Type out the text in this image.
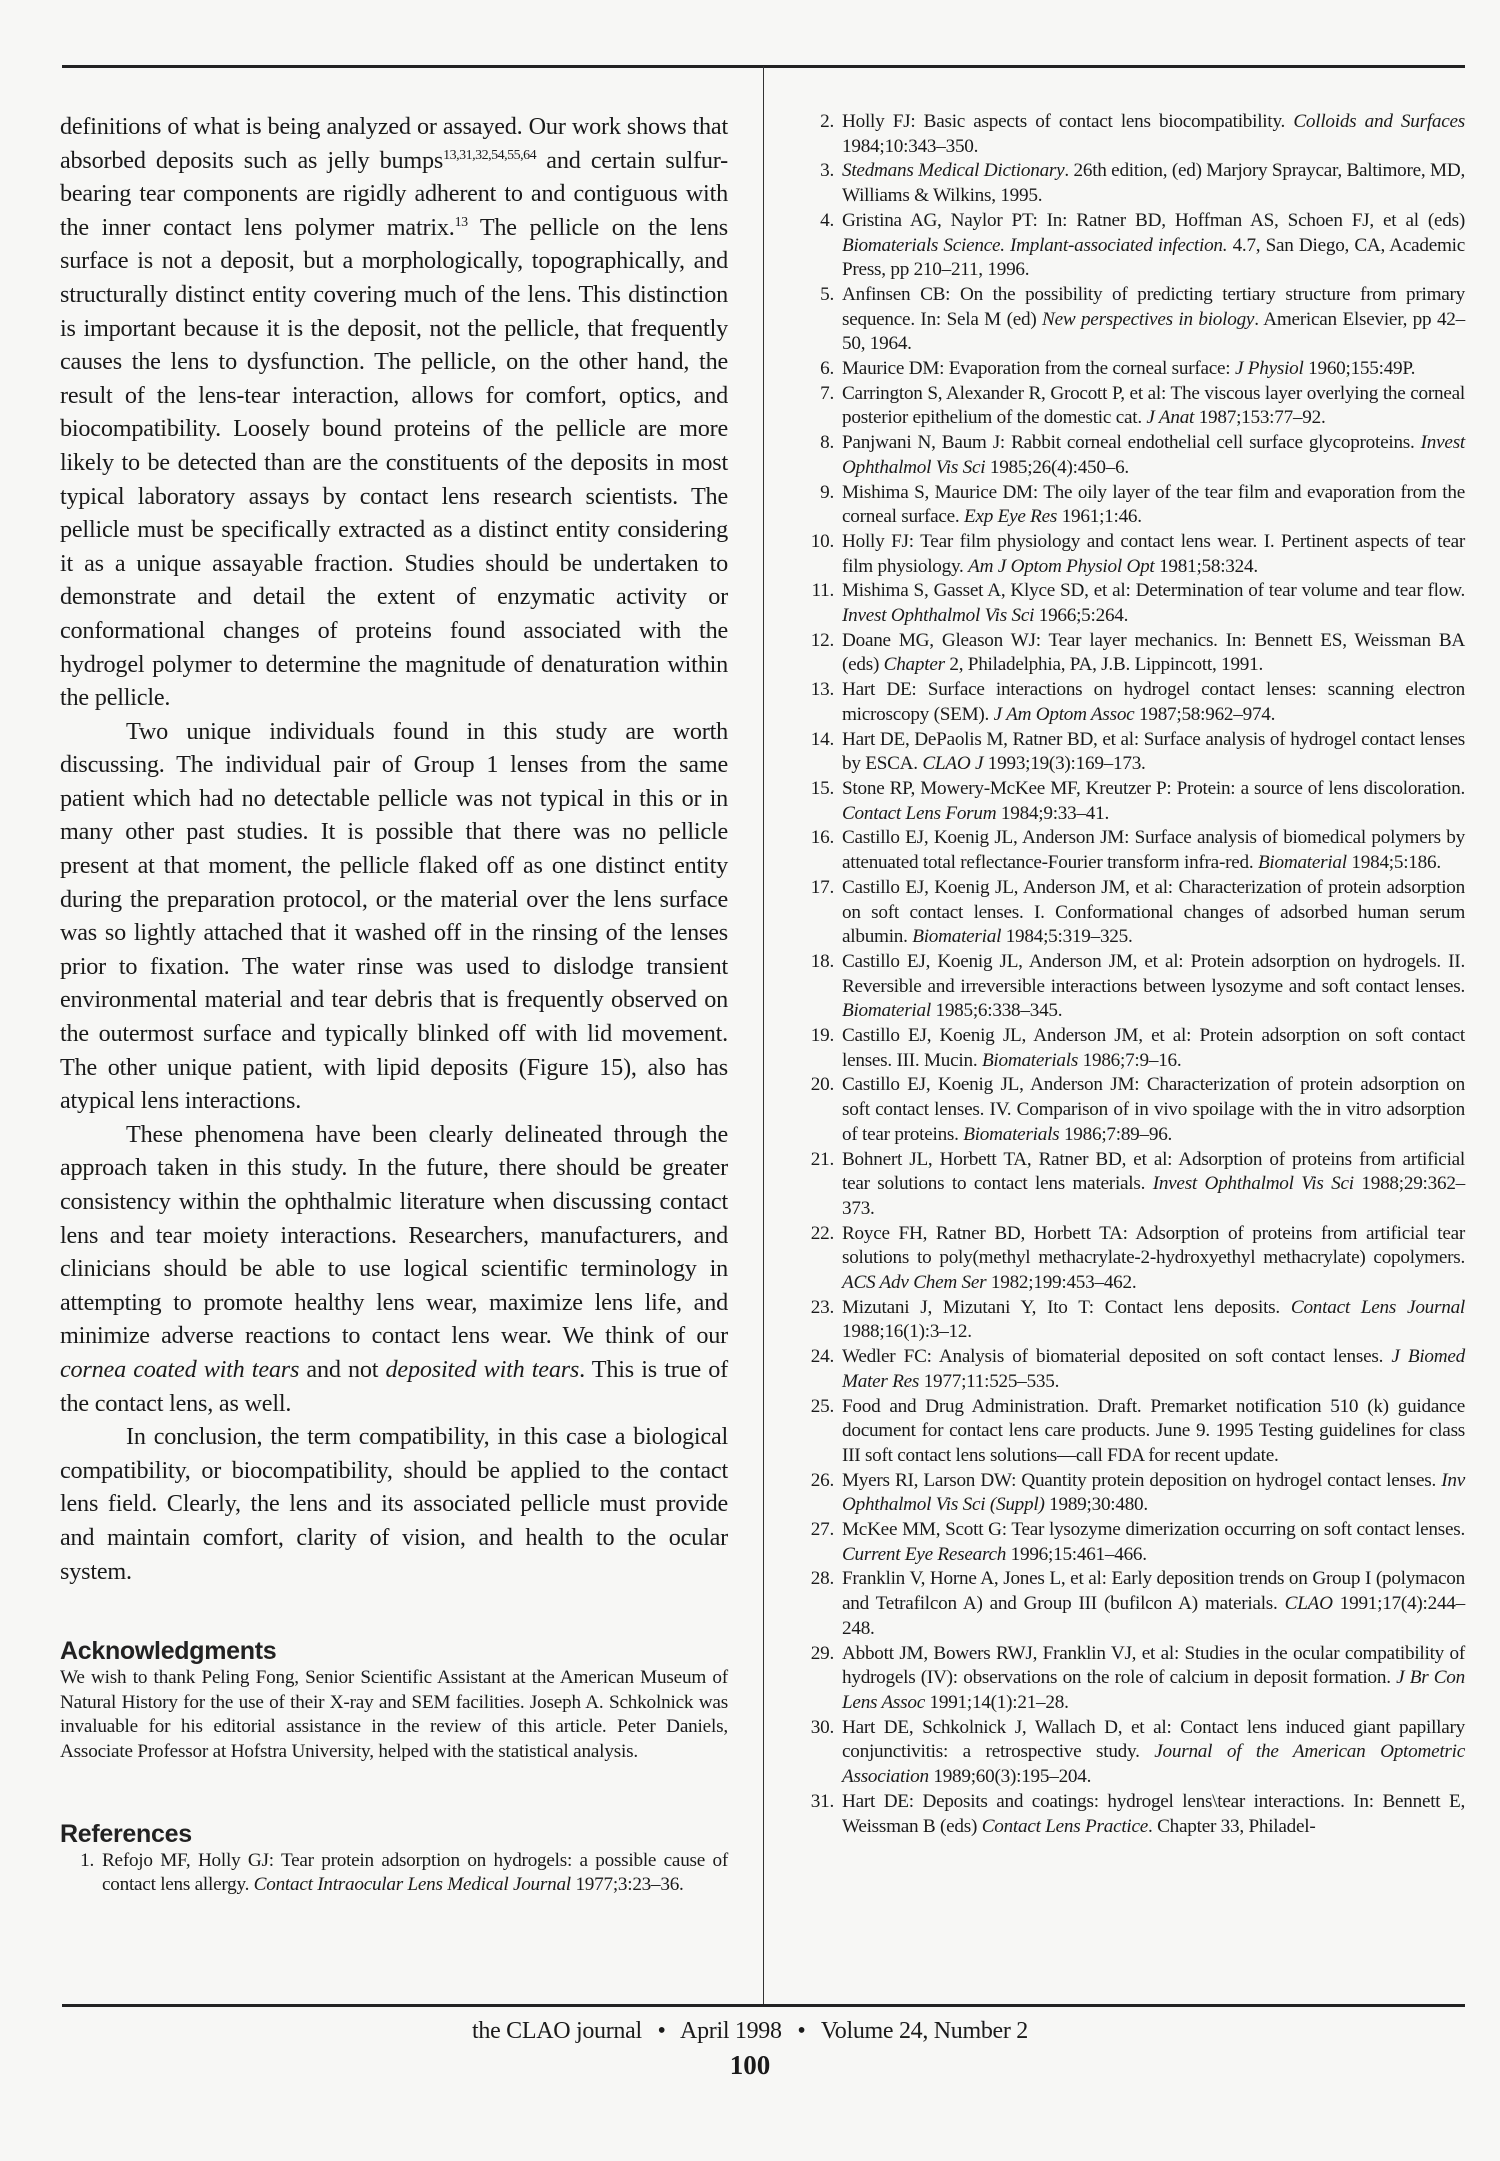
definitions of what is being analyzed or assayed. Our work shows that absorbed deposits such as jelly bumps$^{13,31,32,54,55,64}$ and certain sulfur-bearing tear components are rigidly adherent to and contiguous with the inner contact lens polymer matrix.$^{13}$ The pellicle on the lens surface is not a deposit, but a morphologically, topographically, and structurally distinct entity covering much of the lens. This distinction is important because it is the deposit, not the pellicle, that frequently causes the lens to dysfunction. The pellicle, on the other hand, the result of the lens-tear interaction, allows for comfort, optics, and biocompatibility. Loosely bound proteins of the pellicle are more likely to be detected than are the constituents of the deposits in most typical laboratory assays by contact lens research scientists. The pellicle must be specifically extracted as a distinct entity considering it as a unique assayable fraction. Studies should be undertaken to demonstrate and detail the extent of enzymatic activity or conformational changes of proteins found associated with the hydrogel polymer to determine the magnitude of denaturation within the pellicle.

Two unique individuals found in this study are worth discussing. The individual pair of Group 1 lenses from the same patient which had no detectable pellicle was not typical in this or in many other past studies. It is possible that there was no pellicle present at that moment, the pellicle flaked off as one distinct entity during the preparation protocol, or the material over the lens surface was so lightly attached that it washed off in the rinsing of the lenses prior to fixation. The water rinse was used to dislodge transient environmental material and tear debris that is frequently observed on the outermost surface and typically blinked off with lid movement. The other unique patient, with lipid deposits (Figure 15), also has atypical lens interactions.

These phenomena have been clearly delineated through the approach taken in this study. In the future, there should be greater consistency within the ophthalmic literature when discussing contact lens and tear moiety interactions. Researchers, manufacturers, and clinicians should be able to use logical scientific terminology in attempting to promote healthy lens wear, maximize lens life, and minimize adverse reactions to contact lens wear. We think of our cornea coated with tears and not deposited with tears. This is true of the contact lens, as well.

In conclusion, the term compatibility, in this case a biological compatibility, or biocompatibility, should be applied to the contact lens field. Clearly, the lens and its associated pellicle must provide and maintain comfort, clarity of vision, and health to the ocular system.

Acknowledgments

We wish to thank Peling Fong, Senior Scientific Assistant at the American Museum of Natural History for the use of their X-ray and SEM facilities. Joseph A. Schkolnick was invaluable for his editorial assistance in the review of this article. Peter Daniels, Associate Professor at Hofstra University, helped with the statistical analysis.

References
1. Refojo MF, Holly GJ: Tear protein adsorption on hydrogels: a possible cause of contact lens allergy. Contact Intraocular Lens Medical Journal 1977;3:23–36.
2. Holly FJ: Basic aspects of contact lens biocompatibility. Colloids and Surfaces 1984;10:343–350.
3. Stedmans Medical Dictionary. 26th edition, (ed) Marjory Spraycar, Baltimore, MD, Williams & Wilkins, 1995.
4. Gristina AG, Naylor PT: In: Ratner BD, Hoffman AS, Schoen FJ, et al (eds) Biomaterials Science. Implant-associated infection. 4.7, San Diego, CA, Academic Press, pp 210–211, 1996.
5. Anfinsen CB: On the possibility of predicting tertiary structure from primary sequence. In: Sela M (ed) New perspectives in biology. American Elsevier, pp 42–50, 1964.
6. Maurice DM: Evaporation from the corneal surface: J Physiol 1960;155:49P.
7. Carrington S, Alexander R, Grocott P, et al: The viscous layer overlying the corneal posterior epithelium of the domestic cat. J Anat 1987;153:77–92.
8. Panjwani N, Baum J: Rabbit corneal endothelial cell surface glycoproteins. Invest Ophthalmol Vis Sci 1985;26(4):450–6.
9. Mishima S, Maurice DM: The oily layer of the tear film and evaporation from the corneal surface. Exp Eye Res 1961;1:46.
10. Holly FJ: Tear film physiology and contact lens wear. I. Pertinent aspects of tear film physiology. Am J Optom Physiol Opt 1981;58:324.
11. Mishima S, Gasset A, Klyce SD, et al: Determination of tear volume and tear flow. Invest Ophthalmol Vis Sci 1966;5:264.
12. Doane MG, Gleason WJ: Tear layer mechanics. In: Bennett ES, Weissman BA (eds) Chapter 2, Philadelphia, PA, J.B. Lippincott, 1991.
13. Hart DE: Surface interactions on hydrogel contact lenses: scanning electron microscopy (SEM). J Am Optom Assoc 1987;58:962–974.
14. Hart DE, DePaolis M, Ratner BD, et al: Surface analysis of hydrogel contact lenses by ESCA. CLAO J 1993;19(3):169–173.
15. Stone RP, Mowery-McKee MF, Kreutzer P: Protein: a source of lens discoloration. Contact Lens Forum 1984;9:33–41.
16. Castillo EJ, Koenig JL, Anderson JM: Surface analysis of biomedical polymers by attenuated total reflectance-Fourier transform infra-red. Biomaterial 1984;5:186.
17. Castillo EJ, Koenig JL, Anderson JM, et al: Characterization of protein adsorption on soft contact lenses. I. Conformational changes of adsorbed human serum albumin. Biomaterial 1984;5:319–325.
18. Castillo EJ, Koenig JL, Anderson JM, et al: Protein adsorption on hydrogels. II. Reversible and irreversible interactions between lysozyme and soft contact lenses. Biomaterial 1985;6:338–345.
19. Castillo EJ, Koenig JL, Anderson JM, et al: Protein adsorption on soft contact lenses. III. Mucin. Biomaterials 1986;7:9–16.
20. Castillo EJ, Koenig JL, Anderson JM: Characterization of protein adsorption on soft contact lenses. IV. Comparison of in vivo spoilage with the in vitro adsorption of tear proteins. Biomaterials 1986;7:89–96.
21. Bohnert JL, Horbett TA, Ratner BD, et al: Adsorption of proteins from artificial tear solutions to contact lens materials. Invest Ophthalmol Vis Sci 1988;29:362–373.
22. Royce FH, Ratner BD, Horbett TA: Adsorption of proteins from artificial tear solutions to poly(methyl methacrylate-2-hydroxyethyl methacrylate) copolymers. ACS Adv Chem Ser 1982;199:453–462.
23. Mizutani J, Mizutani Y, Ito T: Contact lens deposits. Contact Lens Journal 1988;16(1):3–12.
24. Wedler FC: Analysis of biomaterial deposited on soft contact lenses. J Biomed Mater Res 1977;11:525–535.
25. Food and Drug Administration. Draft. Premarket notification 510 (k) guidance document for contact lens care products. June 9. 1995 Testing guidelines for class III soft contact lens solutions—call FDA for recent update.
26. Myers RI, Larson DW: Quantity protein deposition on hydrogel contact lenses. Inv Ophthalmol Vis Sci (Suppl) 1989;30:480.
27. McKee MM, Scott G: Tear lysozyme dimerization occurring on soft contact lenses. Current Eye Research 1996;15:461–466.
28. Franklin V, Horne A, Jones L, et al: Early deposition trends on Group I (polymacon and Tetrafilcon A) and Group III (bufilcon A) materials. CLAO 1991;17(4):244–248.
29. Abbott JM, Bowers RWJ, Franklin VJ, et al: Studies in the ocular compatibility of hydrogels (IV): observations on the role of calcium in deposit formation. J Br Con Lens Assoc 1991;14(1):21–28.
30. Hart DE, Schkolnick J, Wallach D, et al: Contact lens induced giant papillary conjunctivitis: a retrospective study. Journal of the American Optometric Association 1989;60(3):195–204.
31. Hart DE: Deposits and coatings: hydrogel lens\tear interactions. In: Bennett E, Weissman B (eds) Contact Lens Practice. Chapter 33, Philadel-
the CLAO journal • April 1998 • Volume 24, Number 2
100
